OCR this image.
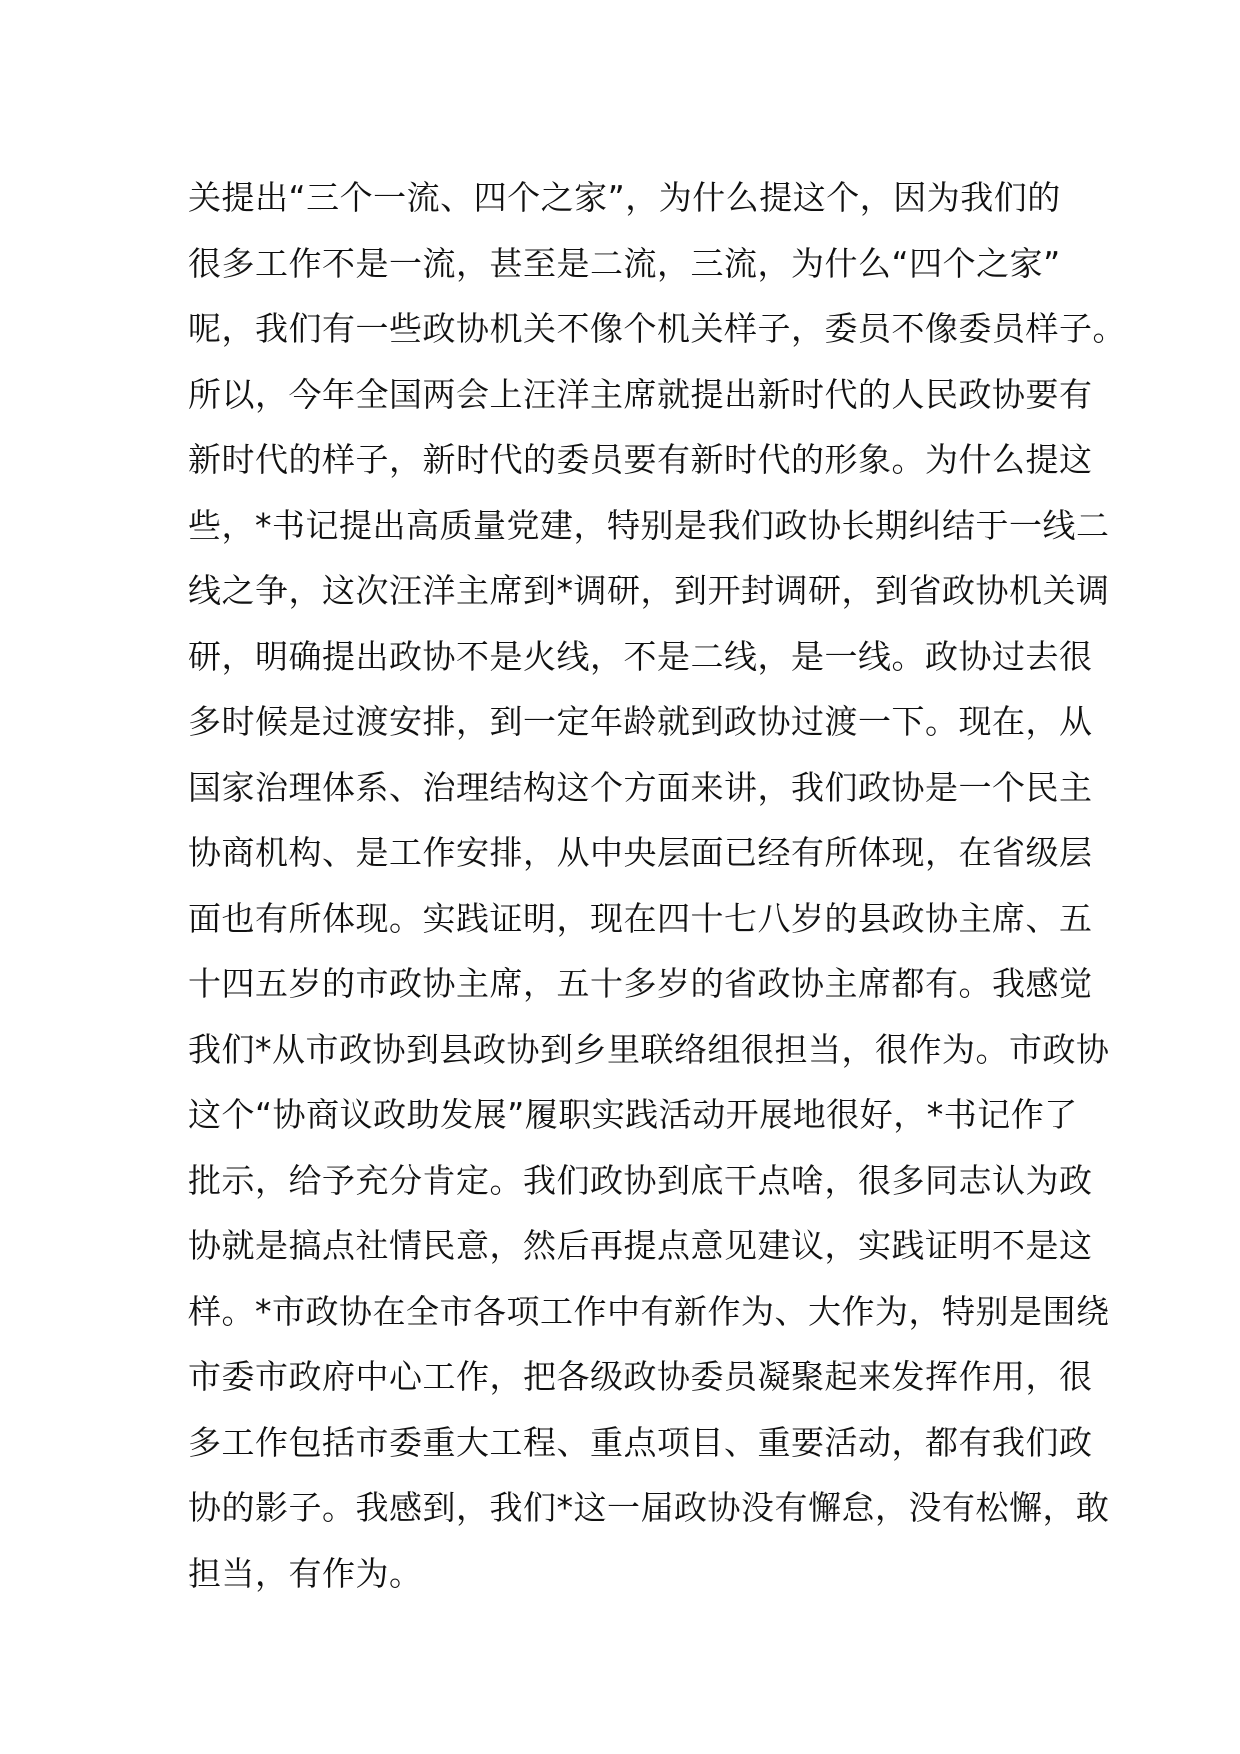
关提出“三个一流、四个之家”，为什么提这个，因为我们的
很多工作不是一流，甚至是二流，三流，为什么“四个之家”
呢，我们有一些政协机关不像个机关样子，委员不像委员样子。
所以，今年全国两会上汪洋主席就提出新时代的人民政协要有
新时代的样子，新时代的委员要有新时代的形象。为什么提这
些，*书记提出高质量党建，特别是我们政协长期纠结于一线二
线之争，这次汪洋主席到*调研，到开封调研，到省政协机关调
研，明确提出政协不是火线，不是二线，是一线。政协过去很
多时候是过渡安排，到一定年龄就到政协过渡一下。现在，从
国家治理体系、治理结构这个方面来讲，我们政协是一个民主
协商机构、是工作安排，从中央层面已经有所体现，在省级层
面也有所体现。实践证明，现在四十七八岁的县政协主席、五
十四五岁的市政协主席，五十多岁的省政协主席都有。我感觉
我们*从市政协到县政协到乡里联络组很担当，很作为。市政协
这个“协商议政助发展”履职实践活动开展地很好，*书记作了
批示，给予充分肯定。我们政协到底干点啥，很多同志认为政
协就是搞点社情民意，然后再提点意见建议，实践证明不是这
样。*市政协在全市各项工作中有新作为、大作为，特别是围绕
市委市政府中心工作，把各级政协委员凝聚起来发挥作用，很
多工作包括市委重大工程、重点项目、重要活动，都有我们政
协的影子。我感到，我们*这一届政协没有懈怠，没有松懈，敢
担当，有作为。
